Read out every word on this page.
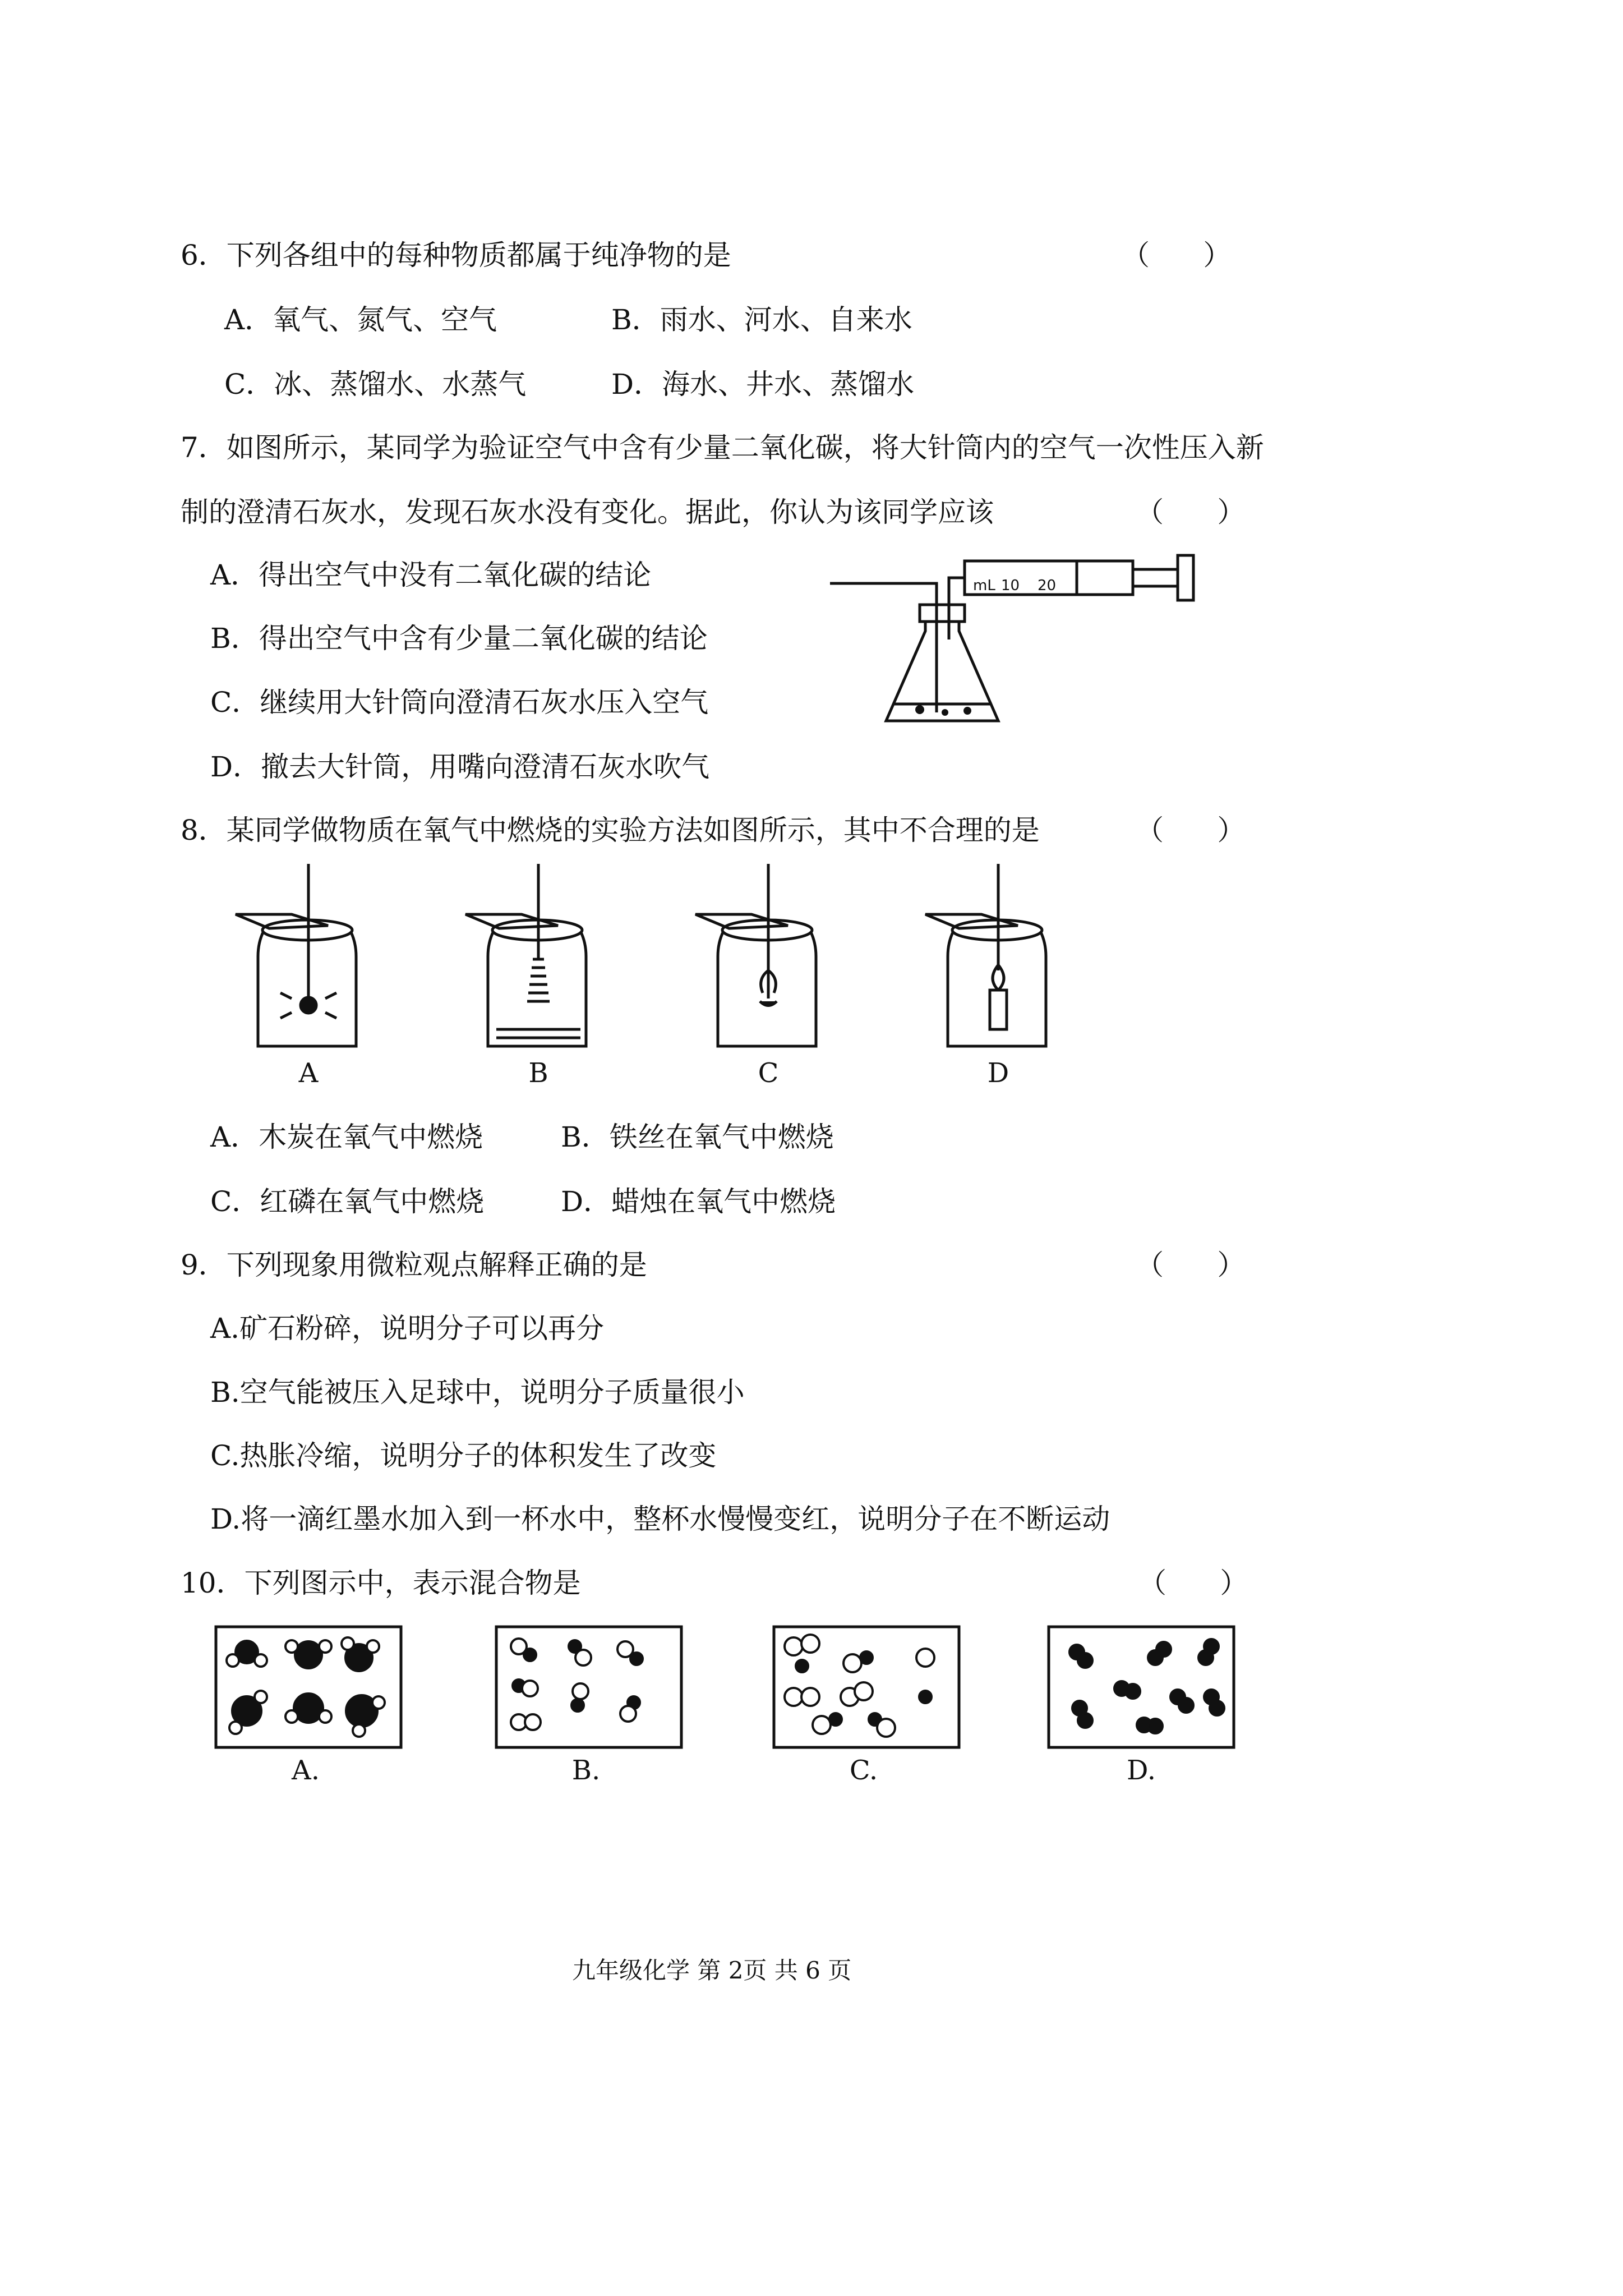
6．下列各组中的每种物质都属于纯净物的是	（      ）
A．氧气、氮气、空气	B．雨水、河水、自来水
C．冰、蒸馏水、水蒸气	D．海水、井水、蒸馏水
7．如图所示，某同学为验证空气中含有少量二氧化碳，将大针筒内的空气一次性压入新
制的澄清石灰水，发现石灰水没有变化。据此，你认为该同学应该	（      ）
A．得出空气中没有二氧化碳的结论
B．得出空气中含有少量二氧化碳的结论
C．继续用大针筒向澄清石灰水压入空气
D．撤去大针筒，用嘴向澄清石灰水吹气
mL 10 20
8．某同学做物质在氧气中燃烧的实验方法如图所示，其中不合理的是	（      ）
A	B	C	D
A．木炭在氧气中燃烧	B．铁丝在氧气中燃烧
C．红磷在氧气中燃烧	D．蜡烛在氧气中燃烧
9．下列现象用微粒观点解释正确的是	（      ）
A.矿石粉碎，说明分子可以再分
B.空气能被压入足球中，说明分子质量很小
C.热胀冷缩，说明分子的体积发生了改变
D.将一滴红墨水加入到一杯水中，整杯水慢慢变红，说明分子在不断运动
10．下列图示中，表示混合物是	（      ）
A.	B.	C.	D.
九年级化学 第 2页 共 6 页
